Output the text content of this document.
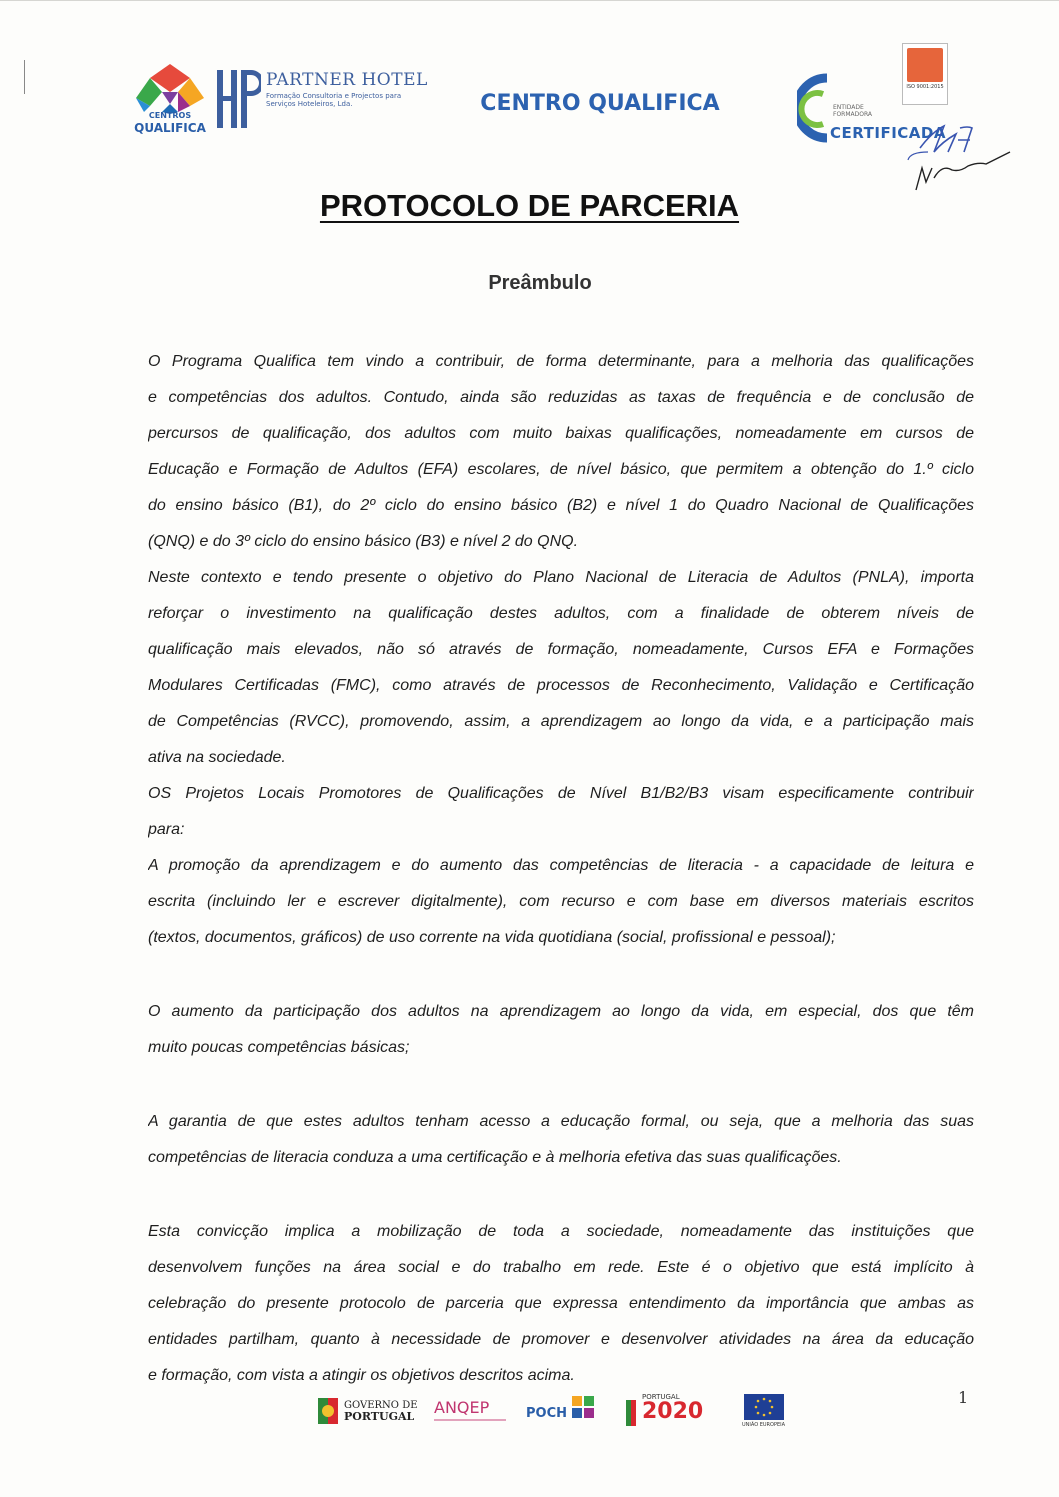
CENTROS
QUALIFICA
PARTNER HOTEL
Formação Consultoria e Projectos para Serviços Hoteleiros, Lda.	CENTRO QUALIFICA	ENTIDADE FORMADORA
CERTIFICADA
ISO 9001:2015
PROTOCOLO DE PARCERIA
Preâmbulo
O Programa Qualifica tem vindo a contribuir, de forma determinante, para a melhoria das qualificações
e competências dos adultos. Contudo, ainda são reduzidas as taxas de frequência e de conclusão de
percursos de qualificação, dos adultos com muito baixas qualificações, nomeadamente em cursos de
Educação e Formação de Adultos (EFA) escolares, de nível básico, que permitem a obtenção do 1.º ciclo
do ensino básico (B1), do 2º ciclo do ensino básico (B2) e nível 1 do Quadro Nacional de Qualificações
(QNQ) e do 3º ciclo do ensino básico (B3) e nível 2 do QNQ.
Neste contexto e tendo presente o objetivo do Plano Nacional de Literacia de Adultos (PNLA), importa
reforçar o investimento na qualificação destes adultos, com a finalidade de obterem níveis de
qualificação mais elevados, não só através de formação, nomeadamente, Cursos EFA e Formações
Modulares Certificadas (FMC), como através de processos de Reconhecimento, Validação e Certificação
de Competências (RVCC), promovendo, assim, a aprendizagem ao longo da vida, e a participação mais
ativa na sociedade.
OS Projetos Locais Promotores de Qualificações de Nível B1/B2/B3 visam especificamente contribuir
para:
A promoção da aprendizagem e do aumento das competências de literacia - a capacidade de leitura e
escrita (incluindo ler e escrever digitalmente), com recurso e com base em diversos materiais escritos
(textos, documentos, gráficos) de uso corrente na vida quotidiana (social, profissional e pessoal);
O aumento da participação dos adultos na aprendizagem ao longo da vida, em especial, dos que têm
muito poucas competências básicas;
A garantia de que estes adultos tenham acesso a educação formal, ou seja, que a melhoria das suas
competências de literacia conduza a uma certificação e à melhoria efetiva das suas qualificações.
Esta convicção implica a mobilização de toda a sociedade, nomeadamente das instituições que
desenvolvem funções na área social e do trabalho em rede. Este é o objetivo que está implícito à
celebração do presente protocolo de parceria que expressa entendimento da importância que ambas as
entidades partilham, quanto à necessidade de promover e desenvolver atividades na área da educação
e formação, com vista a atingir os objetivos descritos acima.
1
GOVERNO DE
PORTUGAL ANQEP	POCH
PORTUGAL
2020
UNIÃO EUROPEIA
